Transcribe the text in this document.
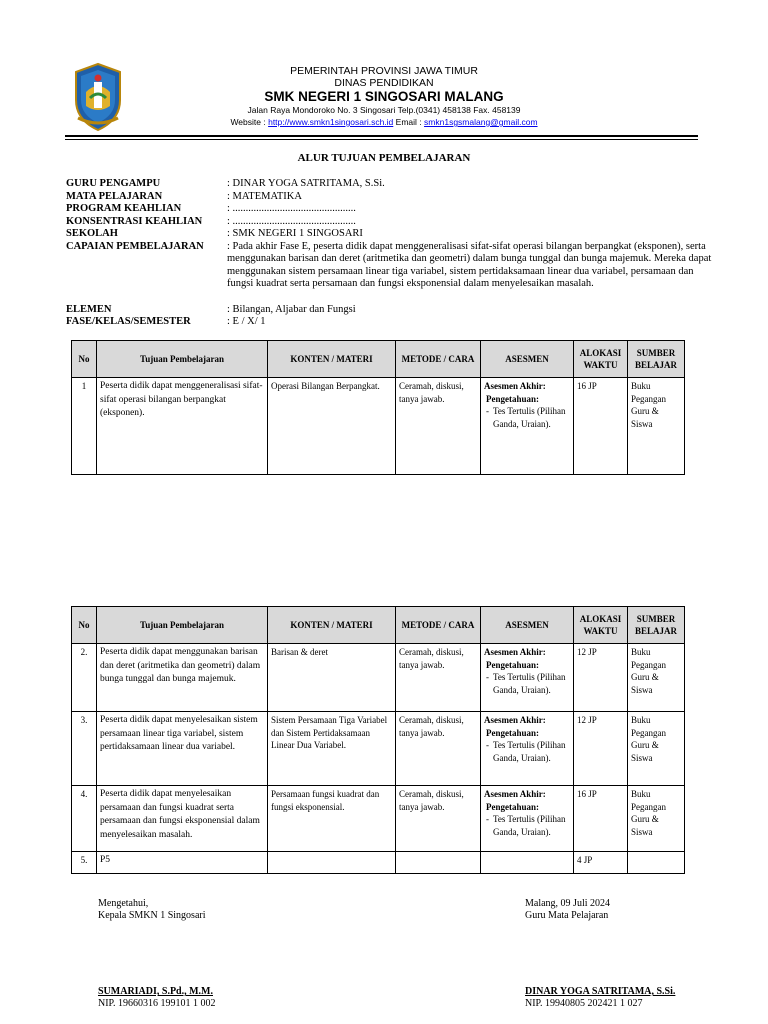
PEMERINTAH PROVINSI JAWA TIMUR
DINAS PENDIDIKAN
SMK NEGERI 1 SINGOSARI MALANG
Jalan Raya Mondoroko No. 3 Singosari Telp.(0341) 458138 Fax. 458139
Website : http://www.smkn1singosari.sch.id Email : smkn1sgsmalang@gmail.com
ALUR TUJUAN PEMBELAJARAN
GURU PENGAMPU	: DINAR YOGA SATRITAMA, S.Si.
MATA PELAJARAN	: MATEMATIKA
PROGRAM KEAHLIAN	: ...............................................
KONSENTRASI KEAHLIAN	: ...............................................
SEKOLAH	: SMK NEGERI 1 SINGOSARI
CAPAIAN PEMBELAJARAN	: Pada akhir Fase E, peserta didik dapat menggeneralisasi sifat-sifat operasi bilangan berpangkat (eksponen), serta menggunakan barisan dan deret (aritmetika dan geometri) dalam bunga tunggal dan bunga majemuk. Mereka dapat menggunakan sistem persamaan linear tiga variabel, sistem pertidaksamaan linear dua variabel, persamaan dan fungsi kuadrat serta persamaan dan fungsi eksponensial dalam menyelesaikan masalah.
ELEMEN	: Bilangan, Aljabar dan Fungsi
FASE/KELAS/SEMESTER	: E / X/ 1
No	Tujuan Pembelajaran	KONTEN / MATERI	METODE / CARA	ASESMEN	ALOKASI WAKTU	SUMBER BELAJAR
1	Peserta didik dapat menggeneralisasi sifat-sifat operasi bilangan berpangkat (eksponen).	Operasi Bilangan Berpangkat.	Ceramah, diskusi, tanya jawab.	Asesmen Akhir:
Pengetahuan:
- Tes Tertulis (Pilihan Ganda, Uraian).	16 JP	Buku Pegangan Guru & Siswa
No	Tujuan Pembelajaran	KONTEN / MATERI	METODE / CARA	ASESMEN	ALOKASI WAKTU	SUMBER BELAJAR
2.	Peserta didik dapat menggunakan barisan dan deret (aritmetika dan geometri) dalam bunga tunggal dan bunga majemuk.	Barisan & deret	Ceramah, diskusi, tanya jawab.	Asesmen Akhir:
Pengetahuan:
- Tes Tertulis (Pilihan Ganda, Uraian).	12 JP	Buku Pegangan Guru & Siswa
3.	Peserta didik dapat menyelesaikan sistem persamaan linear tiga variabel, sistem pertidaksamaan linear dua variabel.	Sistem Persamaan Tiga Variabel dan Sistem Pertidaksamaan Linear Dua Variabel.	Ceramah, diskusi, tanya jawab.	Asesmen Akhir:
Pengetahuan:
- Tes Tertulis (Pilihan Ganda, Uraian).	12 JP	Buku Pegangan Guru & Siswa
4.	Peserta didik dapat menyelesaikan persamaan dan fungsi kuadrat serta persamaan dan fungsi eksponensial dalam menyelesaikan masalah.	Persamaan fungsi kuadrat dan fungsi eksponensial.	Ceramah, diskusi, tanya jawab.	Asesmen Akhir:
Pengetahuan:
- Tes Tertulis (Pilihan Ganda, Uraian).	16 JP	Buku Pegangan Guru & Siswa
5.	P5				4 JP	
Mengetahui,
Kepala SMKN 1 Singosari
SUMARIADI, S.Pd., M.M.
NIP. 19660316 199101 1 002
Malang, 09 Juli 2024
Guru Mata Pelajaran
DINAR YOGA SATRITAMA, S.Si.
NIP. 19940805 202421 1 027
